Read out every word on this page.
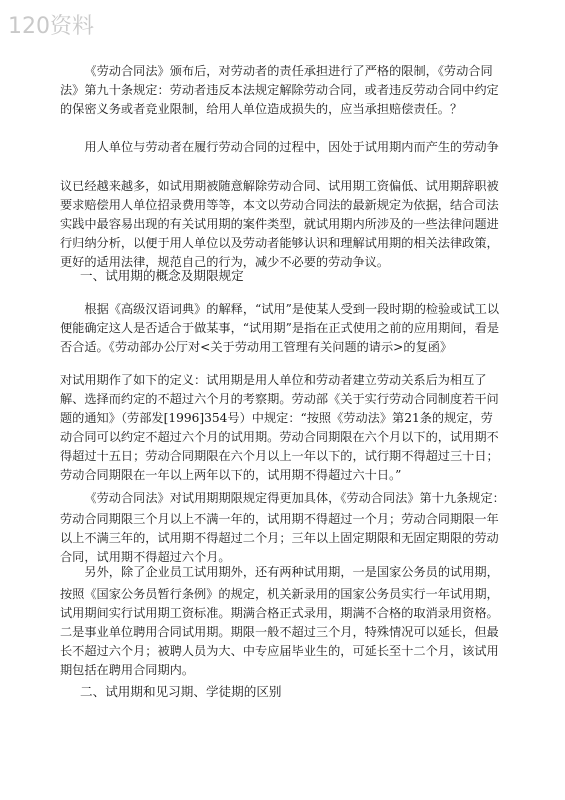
120资料

《劳动合同法》颁布后，对劳动者的责任承担进行了严格的限制，《劳动合同法》第九十条规定：劳动者违反本法规定解除劳动合同，或者违反劳动合同中约定的保密义务或者竞业限制，给用人单位造成损失的，应当承担赔偿责任。？

用人单位与劳动者在履行劳动合同的过程中，因处于试用期内而产生的劳动争

议已经越来越多，如试用期被随意解除劳动合同、试用期工资偏低、试用期辞职被要求赔偿用人单位招录费用等等，本文以劳动合同法的最新规定为依据，结合司法实践中最容易出现的有关试用期的案件类型，就试用期内所涉及的一些法律问题进行归纳分析，以便于用人单位以及劳动者能够认识和理解试用期的相关法律政策，更好的适用法律，规范自己的行为，减少不必要的劳动争议。

一、试用期的概念及期限规定

根据《高级汉语词典》的解释，“试用”是使某人受到一段时期的检验或试工以便能确定这人是否适合于做某事，“试用期”是指在正式使用之前的应用期间，看是否合适。《劳动部办公厅对<关于劳动用工管理有关问题的请示>的复函》

对试用期作了如下的定义：试用期是用人单位和劳动者建立劳动关系后为相互了解、选择而约定的不超过六个月的考察期。劳动部《关于实行劳动合同制度若干问题的通知》（劳部发[1996]354号）中规定：“按照《劳动法》第21条的规定，劳动合同可以约定不超过六个月的试用期。劳动合同期限在六个月以下的，试用期不得超过十五日；劳动合同期限在六个月以上一年以下的，试行期不得超过三十日；劳动合同期限在一年以上两年以下的，试用期不得超过六十日。”

《劳动合同法》对试用期期限规定得更加具体，《劳动合同法》第十九条规定：

劳动合同期限三个月以上不满一年的，试用期不得超过一个月；劳动合同期限一年以上不满三年的，试用期不得超过二个月；三年以上固定期限和无固定期限的劳动合同，试用期不得超过六个月。

另外，除了企业员工试用期外，还有两种试用期，一是国家公务员的试用期，

按照《国家公务员暂行条例》的规定，机关新录用的国家公务员实行一年试用期，试用期间实行试用期工资标准。期满合格正式录用，期满不合格的取消录用资格。二是事业单位聘用合同试用期。期限一般不超过三个月，特殊情况可以延长，但最长不超过六个月；被聘人员为大、中专应届毕业生的，可延长至十二个月，该试用期包括在聘用合同期内。

二、试用期和见习期、学徒期的区别
